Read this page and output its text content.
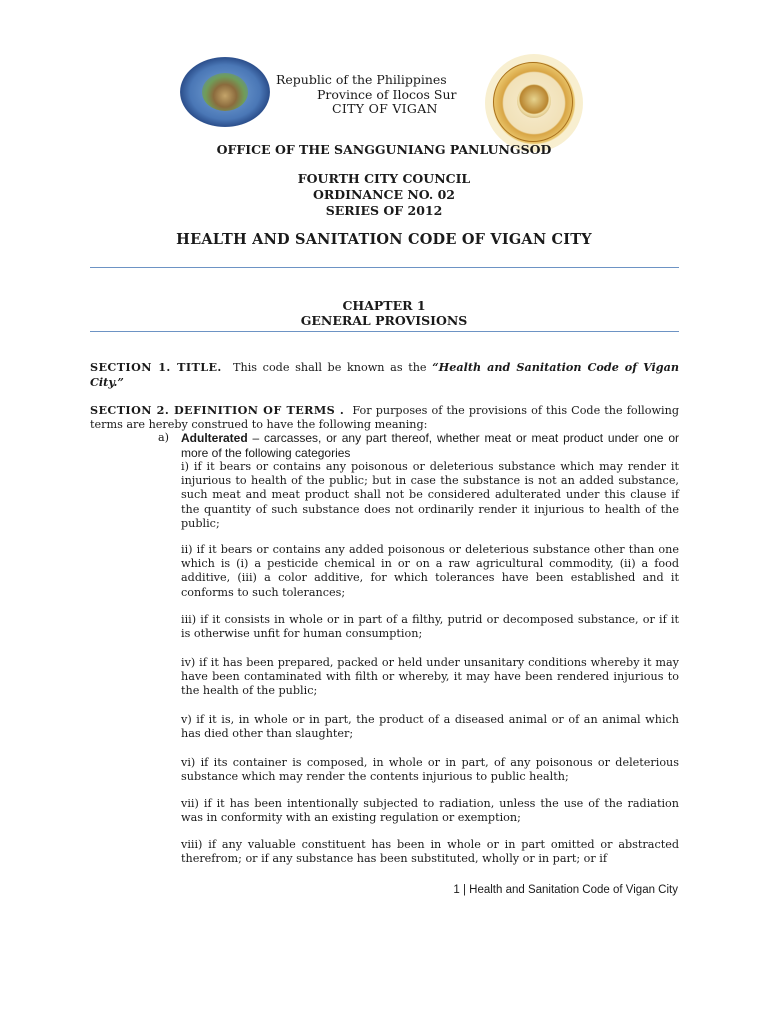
Republic of the Philippines
Province of Ilocos Sur
CITY OF VIGAN
OFFICE OF THE SANGGUNIANG PANLUNGSOD
FOURTH CITY COUNCIL
ORDINANCE NO. 02
SERIES OF 2012
HEALTH AND SANITATION CODE OF VIGAN CITY
CHAPTER 1
GENERAL PROVISIONS
SECTION 1. TITLE. This code shall be known as the “Health and Sanitation Code of Vigan City.”
SECTION 2. DEFINITION OF TERMS . For purposes of the provisions of this Code the following terms are hereby construed to have the following meaning:
a) Adulterated – carcasses, or any part thereof, whether meat or meat product under one or more of the following categories
i) if it bears or contains any poisonous or deleterious substance which may render it injurious to health of the public; but in case the substance is not an added substance, such meat and meat product shall not be considered adulterated under this clause if the quantity of such substance does not ordinarily render it injurious to health of the public;
ii) if it bears or contains any added poisonous or deleterious substance other than one which is (i) a pesticide chemical in or on a raw agricultural commodity, (ii) a food additive, (iii) a color additive, for which tolerances have been established and it conforms to such tolerances;
iii) if it consists in whole or in part of a filthy, putrid or decomposed substance, or if it is otherwise unfit for human consumption;
iv) if it has been prepared, packed or held under unsanitary conditions whereby it may have been contaminated with filth or whereby, it may have been rendered injurious to the health of the public;
v) if it is, in whole or in part, the product of a diseased animal or of an animal which has died other than slaughter;
vi) if its container is composed, in whole or in part, of any poisonous or deleterious substance which may render the contents injurious to public health;
vii) if it has been intentionally subjected to radiation, unless the use of the radiation was in conformity with an existing regulation or exemption;
viii) if any valuable constituent has been in whole or in part omitted or abstracted therefrom; or if any substance has been substituted, wholly or in part; or if
1 | Health and Sanitation Code of Vigan City
